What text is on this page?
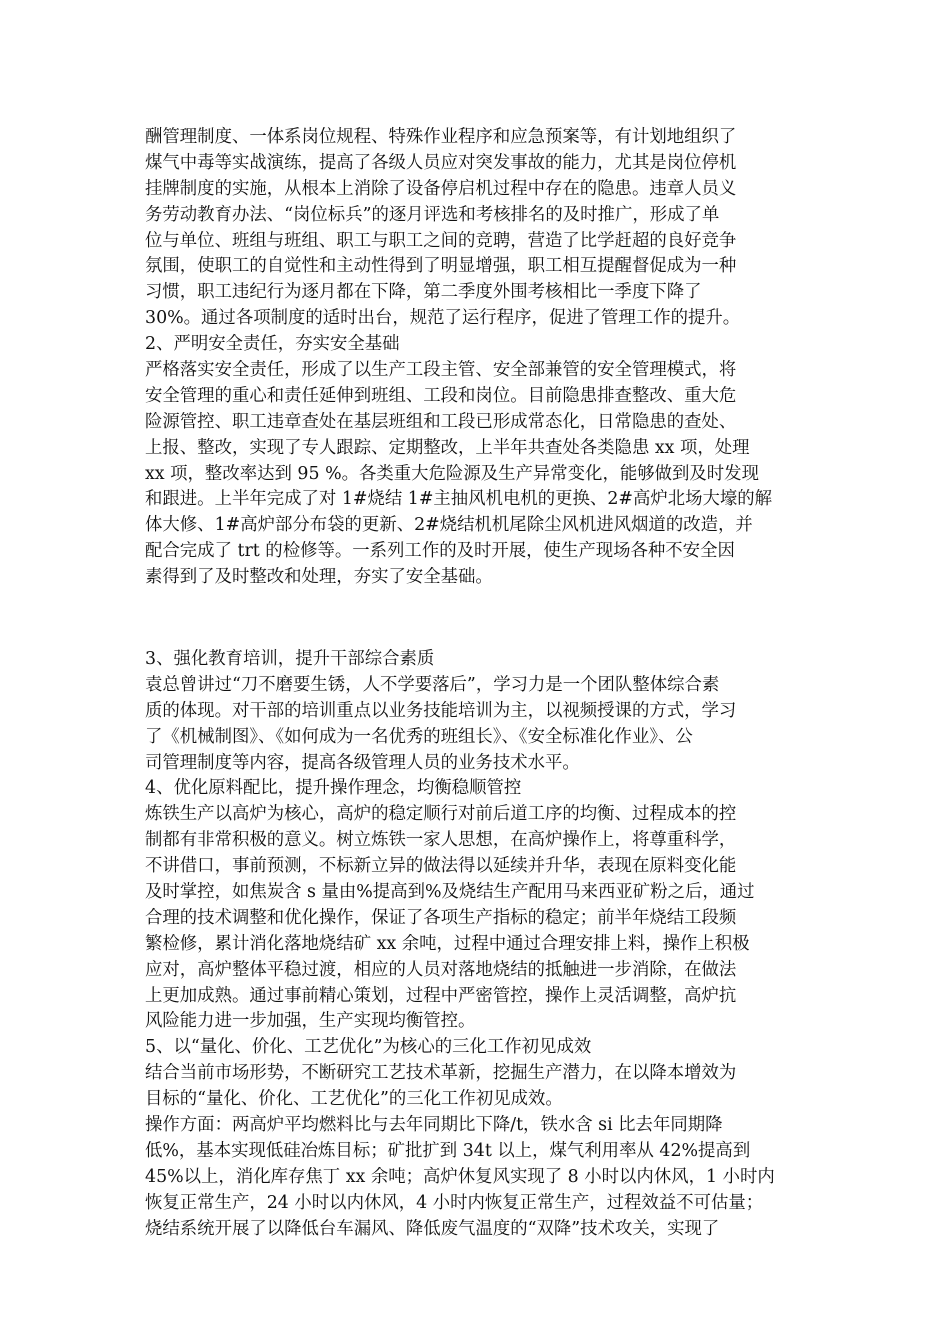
酬管理制度、一体系岗位规程、特殊作业程序和应急预案等，有计划地组织了
煤气中毒等实战演练，提高了各级人员应对突发事故的能力，尤其是岗位停机
挂牌制度的实施，从根本上消除了设备停启机过程中存在的隐患。违章人员义
务劳动教育办法、“岗位标兵”的逐月评选和考核排名的及时推广，形成了单
位与单位、班组与班组、职工与职工之间的竞聘，营造了比学赶超的良好竞争
氛围，使职工的自觉性和主动性得到了明显增强，职工相互提醒督促成为一种
习惯，职工违纪行为逐月都在下降，第二季度外围考核相比一季度下降了
30%。通过各项制度的适时出台，规范了运行程序，促进了管理工作的提升。
2、严明安全责任，夯实安全基础
严格落实安全责任，形成了以生产工段主管、安全部兼管的安全管理模式，将
安全管理的重心和责任延伸到班组、工段和岗位。目前隐患排查整改、重大危
险源管控、职工违章查处在基层班组和工段已形成常态化，日常隐患的查处、
上报、整改，实现了专人跟踪、定期整改，上半年共查处各类隐患 xx 项，处理
xx 项，整改率达到 95 %。各类重大危险源及生产异常变化，能够做到及时发现
和跟进。上半年完成了对 1#烧结 1#主抽风机电机的更换、2#高炉北场大壕的解
体大修、1#高炉部分布袋的更新、2#烧结机机尾除尘风机进风烟道的改造，并
配合完成了 trt 的检修等。一系列工作的及时开展，使生产现场各种不安全因
素得到了及时整改和处理，夯实了安全基础。
3、强化教育培训，提升干部综合素质
袁总曾讲过“刀不磨要生锈，人不学要落后”，学习力是一个团队整体综合素
质的体现。对干部的培训重点以业务技能培训为主，以视频授课的方式，学习
了《机械制图》、《如何成为一名优秀的班组长》、《安全标准化作业》、公
司管理制度等内容，提高各级管理人员的业务技术水平。
4、优化原料配比，提升操作理念，均衡稳顺管控
炼铁生产以高炉为核心，高炉的稳定顺行对前后道工序的均衡、过程成本的控
制都有非常积极的意义。树立炼铁一家人思想，在高炉操作上，将尊重科学，
不讲借口，事前预测，不标新立异的做法得以延续并升华，表现在原料变化能
及时掌控，如焦炭含 s 量由%提高到%及烧结生产配用马来西亚矿粉之后，通过
合理的技术调整和优化操作，保证了各项生产指标的稳定；前半年烧结工段频
繁检修，累计消化落地烧结矿 xx 余吨，过程中通过合理安排上料，操作上积极
应对，高炉整体平稳过渡，相应的人员对落地烧结的抵触进一步消除，在做法
上更加成熟。通过事前精心策划，过程中严密管控，操作上灵活调整，高炉抗
风险能力进一步加强，生产实现均衡管控。
5、以“量化、价化、工艺优化”为核心的三化工作初见成效
结合当前市场形势，不断研究工艺技术革新，挖掘生产潜力，在以降本增效为
目标的“量化、价化、工艺优化”的三化工作初见成效。
操作方面：两高炉平均燃料比与去年同期比下降/t，铁水含 si 比去年同期降
低%，基本实现低硅冶炼目标；矿批扩到 34t 以上，煤气利用率从 42%提高到
45%以上，消化库存焦丁 xx 余吨；高炉休复风实现了 8 小时以内休风，1 小时内
恢复正常生产，24 小时以内休风，4 小时内恢复正常生产，过程效益不可估量；
烧结系统开展了以降低台车漏风、降低废气温度的“双降”技术攻关，实现了
